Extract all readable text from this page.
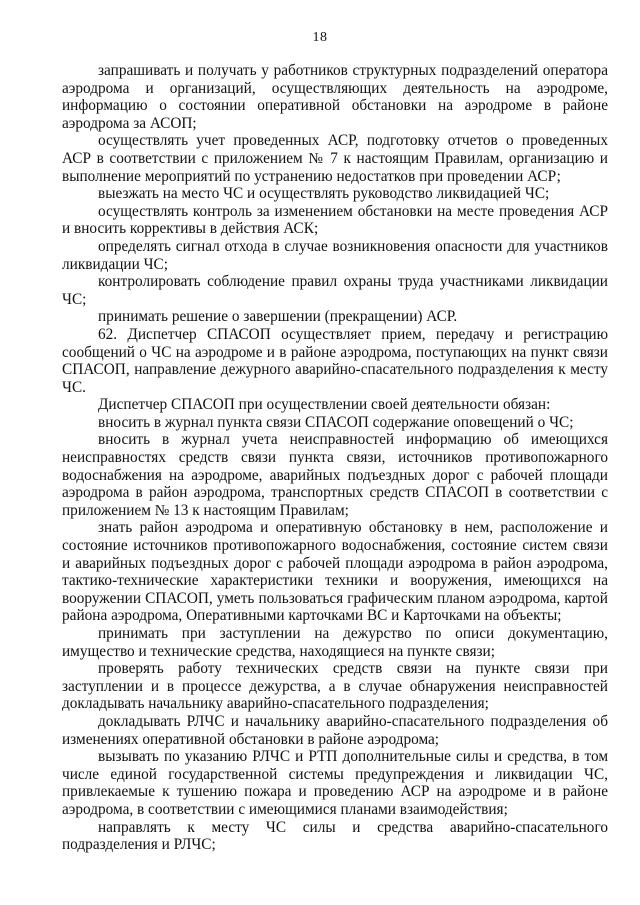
18

запрашивать и получать у работников структурных подразделений оператора аэродрома и организаций, осуществляющих деятельность на аэродроме, информацию о состоянии оперативной обстановки на аэродроме в районе аэродрома за АСОП;

осуществлять учет проведенных АСР, подготовку отчетов о проведенных АСР в соответствии с приложением № 7 к настоящим Правилам, организацию и выполнение мероприятий по устранению недостатков при проведении АСР;

выезжать на место ЧС и осуществлять руководство ликвидацией ЧС;

осуществлять контроль за изменением обстановки на месте проведения АСР и вносить коррективы в действия АСК;

определять сигнал отхода в случае возникновения опасности для участников ликвидации ЧС;

контролировать соблюдение правил охраны труда участниками ликвидации ЧС;

принимать решение о завершении (прекращении) АСР.

62. Диспетчер СПАСОП осуществляет прием, передачу и регистрацию сообщений о ЧС на аэродроме и в районе аэродрома, поступающих на пункт связи СПАСОП, направление дежурного аварийно-спасательного подразделения к месту ЧС.

Диспетчер СПАСОП при осуществлении своей деятельности обязан:

вносить в журнал пункта связи СПАСОП содержание оповещений о ЧС;

вносить в журнал учета неисправностей информацию об имеющихся неисправностях средств связи пункта связи, источников противопожарного водоснабжения на аэродроме, аварийных подъездных дорог с рабочей площади аэродрома в район аэродрома, транспортных средств СПАСОП в соответствии с приложением № 13 к настоящим Правилам;

знать район аэродрома и оперативную обстановку в нем, расположение и состояние источников противопожарного водоснабжения, состояние систем связи и аварийных подъездных дорог с рабочей площади аэродрома в район аэродрома, тактико-технические характеристики техники и вооружения, имеющихся на вооружении СПАСОП, уметь пользоваться графическим планом аэродрома, картой района аэродрома, Оперативными карточками ВС и Карточками на объекты;

принимать при заступлении на дежурство по описи документацию, имущество и технические средства, находящиеся на пункте связи;

проверять работу технических средств связи на пункте связи при заступлении и в процессе дежурства, а в случае обнаружения неисправностей докладывать начальнику аварийно-спасательного подразделения;

докладывать РЛЧС и начальнику аварийно-спасательного подразделения об изменениях оперативной обстановки в районе аэродрома;

вызывать по указанию РЛЧС и РТП дополнительные силы и средства, в том числе единой государственной системы предупреждения и ликвидации ЧС, привлекаемые к тушению пожара и проведению АСР на аэродроме и в районе аэродрома, в соответствии с имеющимися планами взаимодействия;

направлять к месту ЧС силы и средства аварийно-спасательного подразделения и РЛЧС;
